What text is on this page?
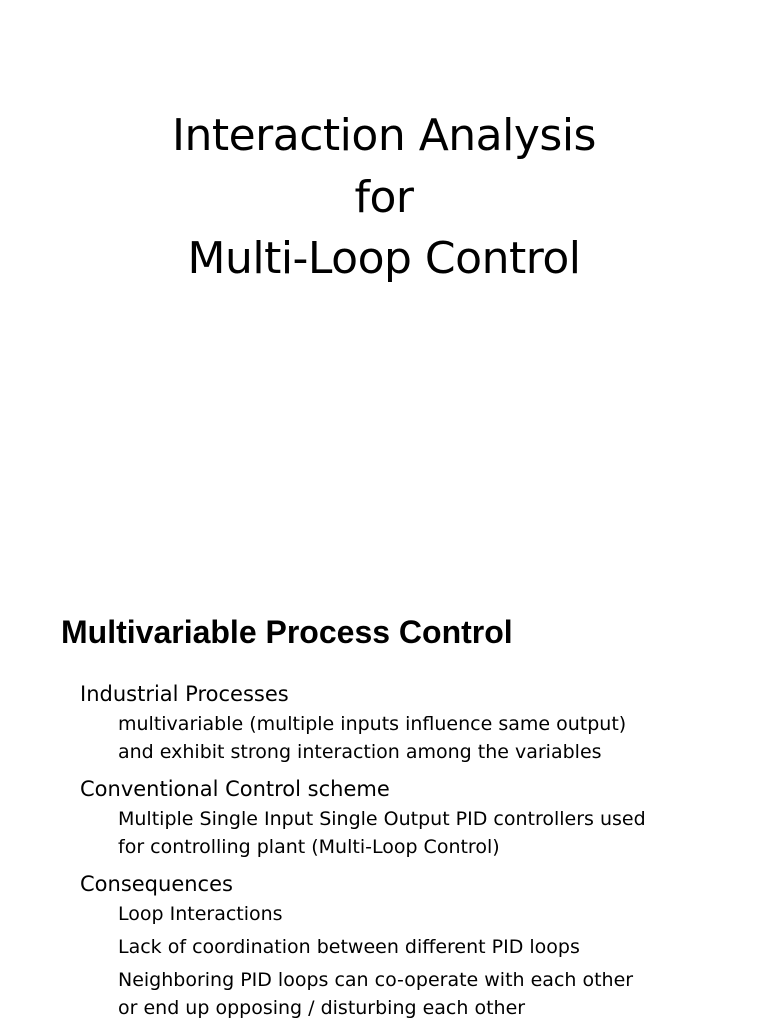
Interaction Analysis
for
Multi-Loop Control
Multivariable Process Control
Industrial Processes
multivariable (multiple inputs influence same output)
and exhibit strong interaction among the variables
Conventional Control scheme
Multiple Single Input Single Output PID controllers used
for controlling plant (Multi-Loop Control)
Consequences
Loop Interactions
Lack of coordination between different PID loops
Neighboring PID loops can co-operate with each other
or end up opposing / disturbing each other
